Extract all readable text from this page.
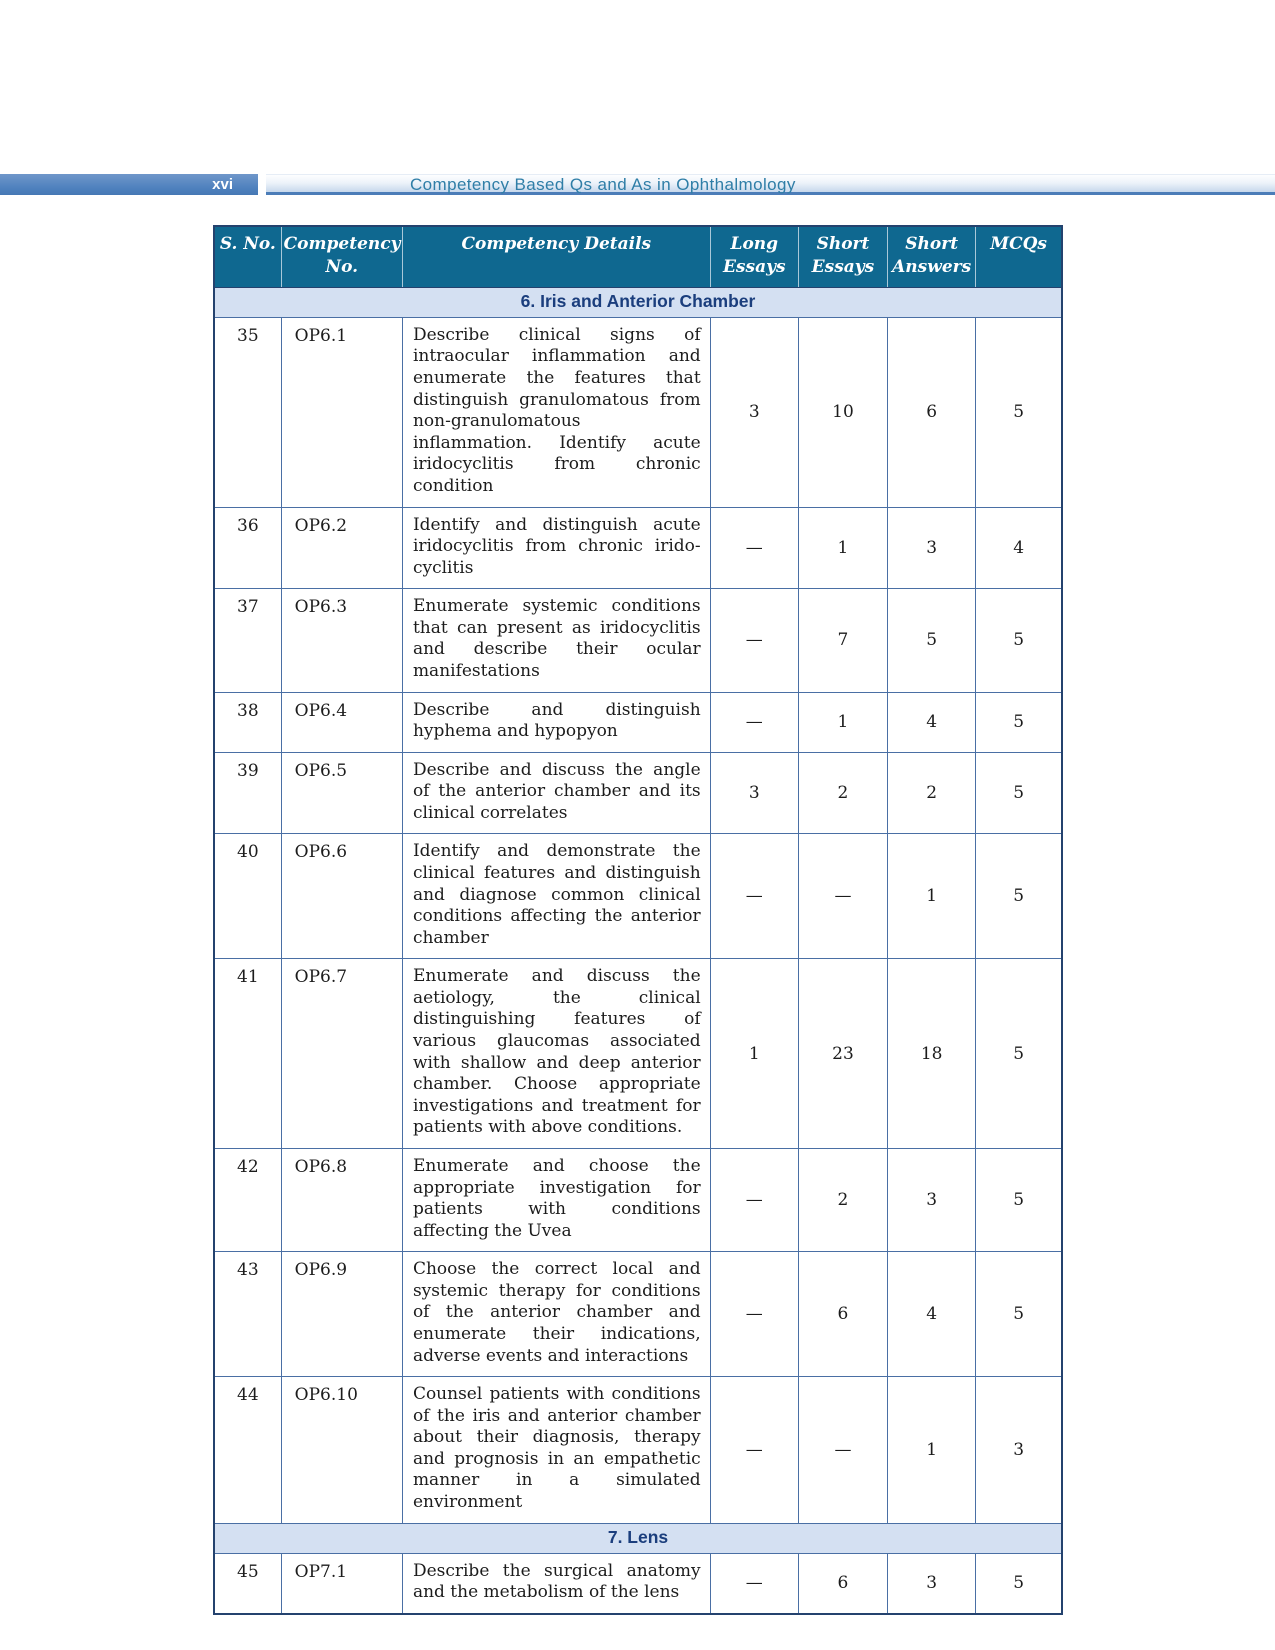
xvi	Competency Based Qs and As in Ophthalmology
S. No.	Competency No.	Competency Details	Long Essays	Short Essays	Short Answers	MCQs
6. Iris and Anterior Chamber						
35	OP6.1	Describe clinical signs of intraocular inflammation and enumerate the features that distinguish granulomatous from non-granulomatous inflammation. Identify acute iridocyclitis from chronic condition	3	10	6	5
36	OP6.2	Identify and distinguish acute iridocyclitis from chronic iridocyclitis	—	1	3	4
37	OP6.3	Enumerate systemic conditions that can present as iridocyclitis and describe their ocular manifestations	—	7	5	5
38	OP6.4	Describe and distinguish hyphema and hypopyon	—	1	4	5
39	OP6.5	Describe and discuss the angle of the anterior chamber and its clinical correlates	3	2	2	5
40	OP6.6	Identify and demonstrate the clinical features and distinguish and diagnose common clinical conditions affecting the anterior chamber	—	—	1	5
41	OP6.7	Enumerate and discuss the aetiology, the clinical distinguishing features of various glaucomas associated with shallow and deep anterior chamber. Choose appropriate investigations and treatment for patients with above conditions.	1	23	18	5
42	OP6.8	Enumerate and choose the appropriate investigation for patients with conditions affecting the Uvea	—	2	3	5
43	OP6.9	Choose the correct local and systemic therapy for conditions of the anterior chamber and enumerate their indications, adverse events and interactions	—	6	4	5
44	OP6.10	Counsel patients with conditions of the iris and anterior chamber about their diagnosis, therapy and prognosis in an empathetic manner in a simulated environment	—	—	1	3
7. Lens						
45	OP7.1	Describe the surgical anatomy and the metabolism of the lens	—	6	3	5
